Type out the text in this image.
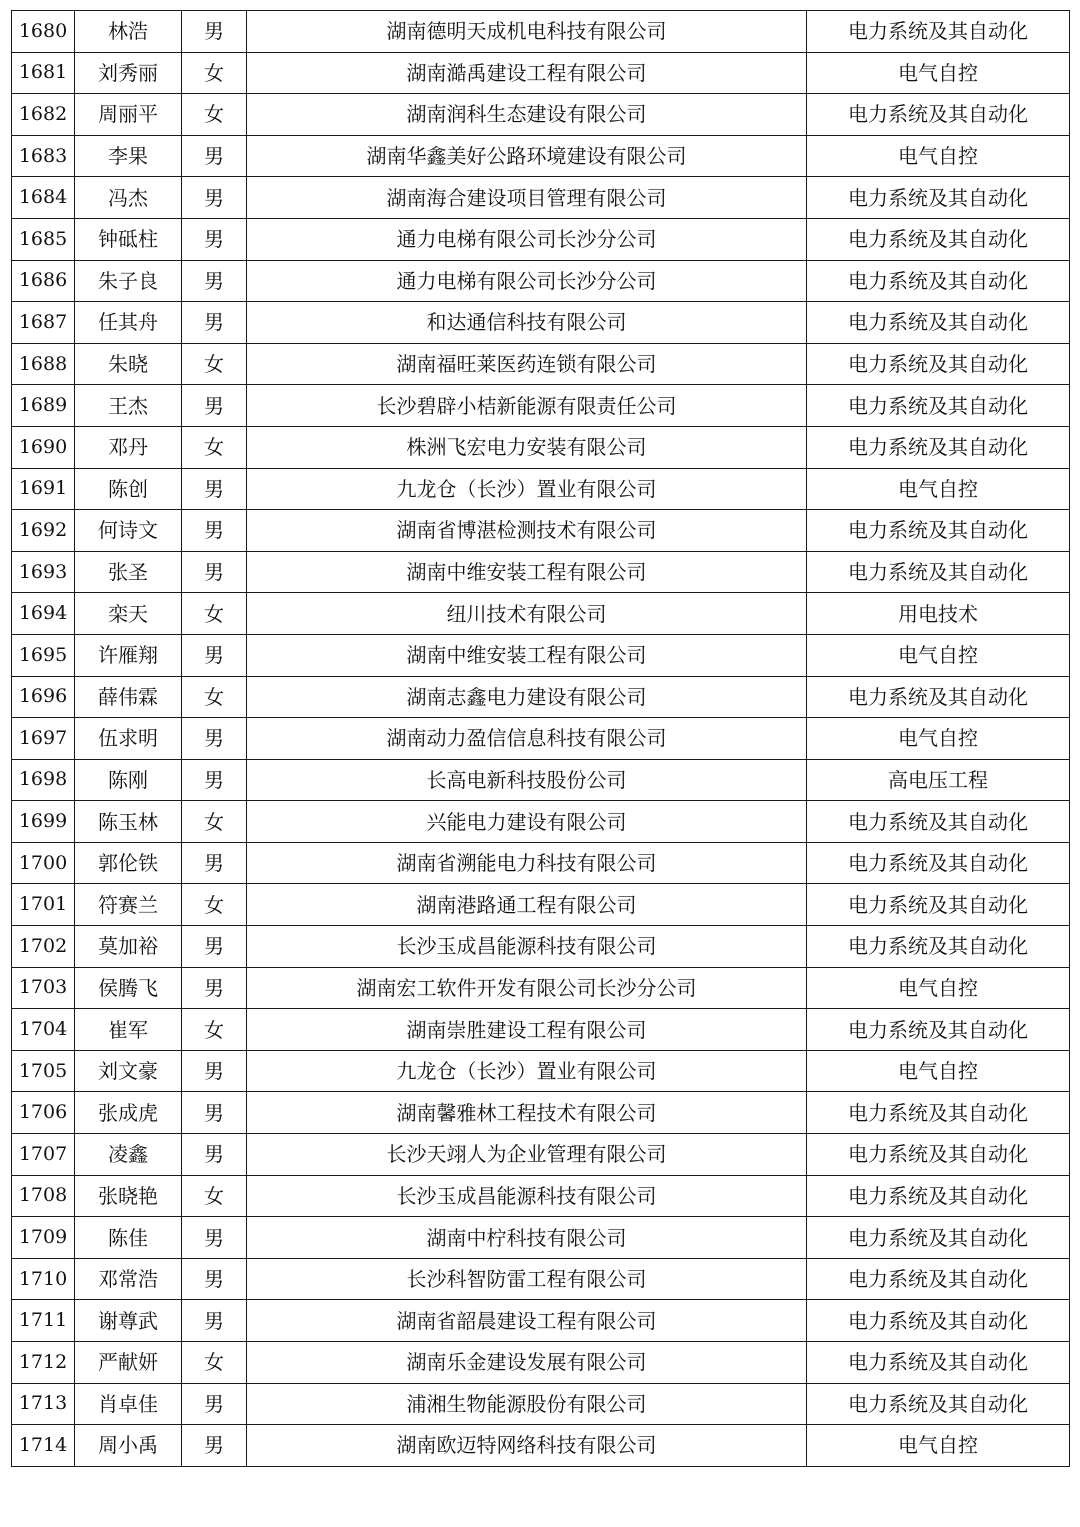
1680	林浩	男	湖南德明天成机电科技有限公司	电力系统及其自动化
1681	刘秀丽	女	湖南澔禹建设工程有限公司	电气自控
1682	周丽平	女	湖南润科生态建设有限公司	电力系统及其自动化
1683	李果	男	湖南华鑫美好公路环境建设有限公司	电气自控
1684	冯杰	男	湖南海合建设项目管理有限公司	电力系统及其自动化
1685	钟砥柱	男	通力电梯有限公司长沙分公司	电力系统及其自动化
1686	朱子良	男	通力电梯有限公司长沙分公司	电力系统及其自动化
1687	任其舟	男	和达通信科技有限公司	电力系统及其自动化
1688	朱晓	女	湖南福旺莱医药连锁有限公司	电力系统及其自动化
1689	王杰	男	长沙碧辟小桔新能源有限责任公司	电力系统及其自动化
1690	邓丹	女	株洲飞宏电力安装有限公司	电力系统及其自动化
1691	陈创	男	九龙仓（长沙）置业有限公司	电气自控
1692	何诗文	男	湖南省博湛检测技术有限公司	电力系统及其自动化
1693	张圣	男	湖南中维安装工程有限公司	电力系统及其自动化
1694	栾天	女	纽川技术有限公司	用电技术
1695	许雁翔	男	湖南中维安装工程有限公司	电气自控
1696	薛伟霖	女	湖南志鑫电力建设有限公司	电力系统及其自动化
1697	伍求明	男	湖南动力盈信信息科技有限公司	电气自控
1698	陈刚	男	长高电新科技股份公司	高电压工程
1699	陈玉林	女	兴能电力建设有限公司	电力系统及其自动化
1700	郭伦铁	男	湖南省溯能电力科技有限公司	电力系统及其自动化
1701	符赛兰	女	湖南港路通工程有限公司	电力系统及其自动化
1702	莫加裕	男	长沙玉成昌能源科技有限公司	电力系统及其自动化
1703	侯腾飞	男	湖南宏工软件开发有限公司长沙分公司	电气自控
1704	崔军	女	湖南崇胜建设工程有限公司	电力系统及其自动化
1705	刘文豪	男	九龙仓（长沙）置业有限公司	电气自控
1706	张成虎	男	湖南馨雅林工程技术有限公司	电力系统及其自动化
1707	凌鑫	男	长沙天翊人为企业管理有限公司	电力系统及其自动化
1708	张晓艳	女	长沙玉成昌能源科技有限公司	电力系统及其自动化
1709	陈佳	男	湖南中柠科技有限公司	电力系统及其自动化
1710	邓常浩	男	长沙科智防雷工程有限公司	电力系统及其自动化
1711	谢尊武	男	湖南省韶晨建设工程有限公司	电力系统及其自动化
1712	严献妍	女	湖南乐金建设发展有限公司	电力系统及其自动化
1713	肖卓佳	男	浦湘生物能源股份有限公司	电力系统及其自动化
1714	周小禹	男	湖南欧迈特网络科技有限公司	电气自控
